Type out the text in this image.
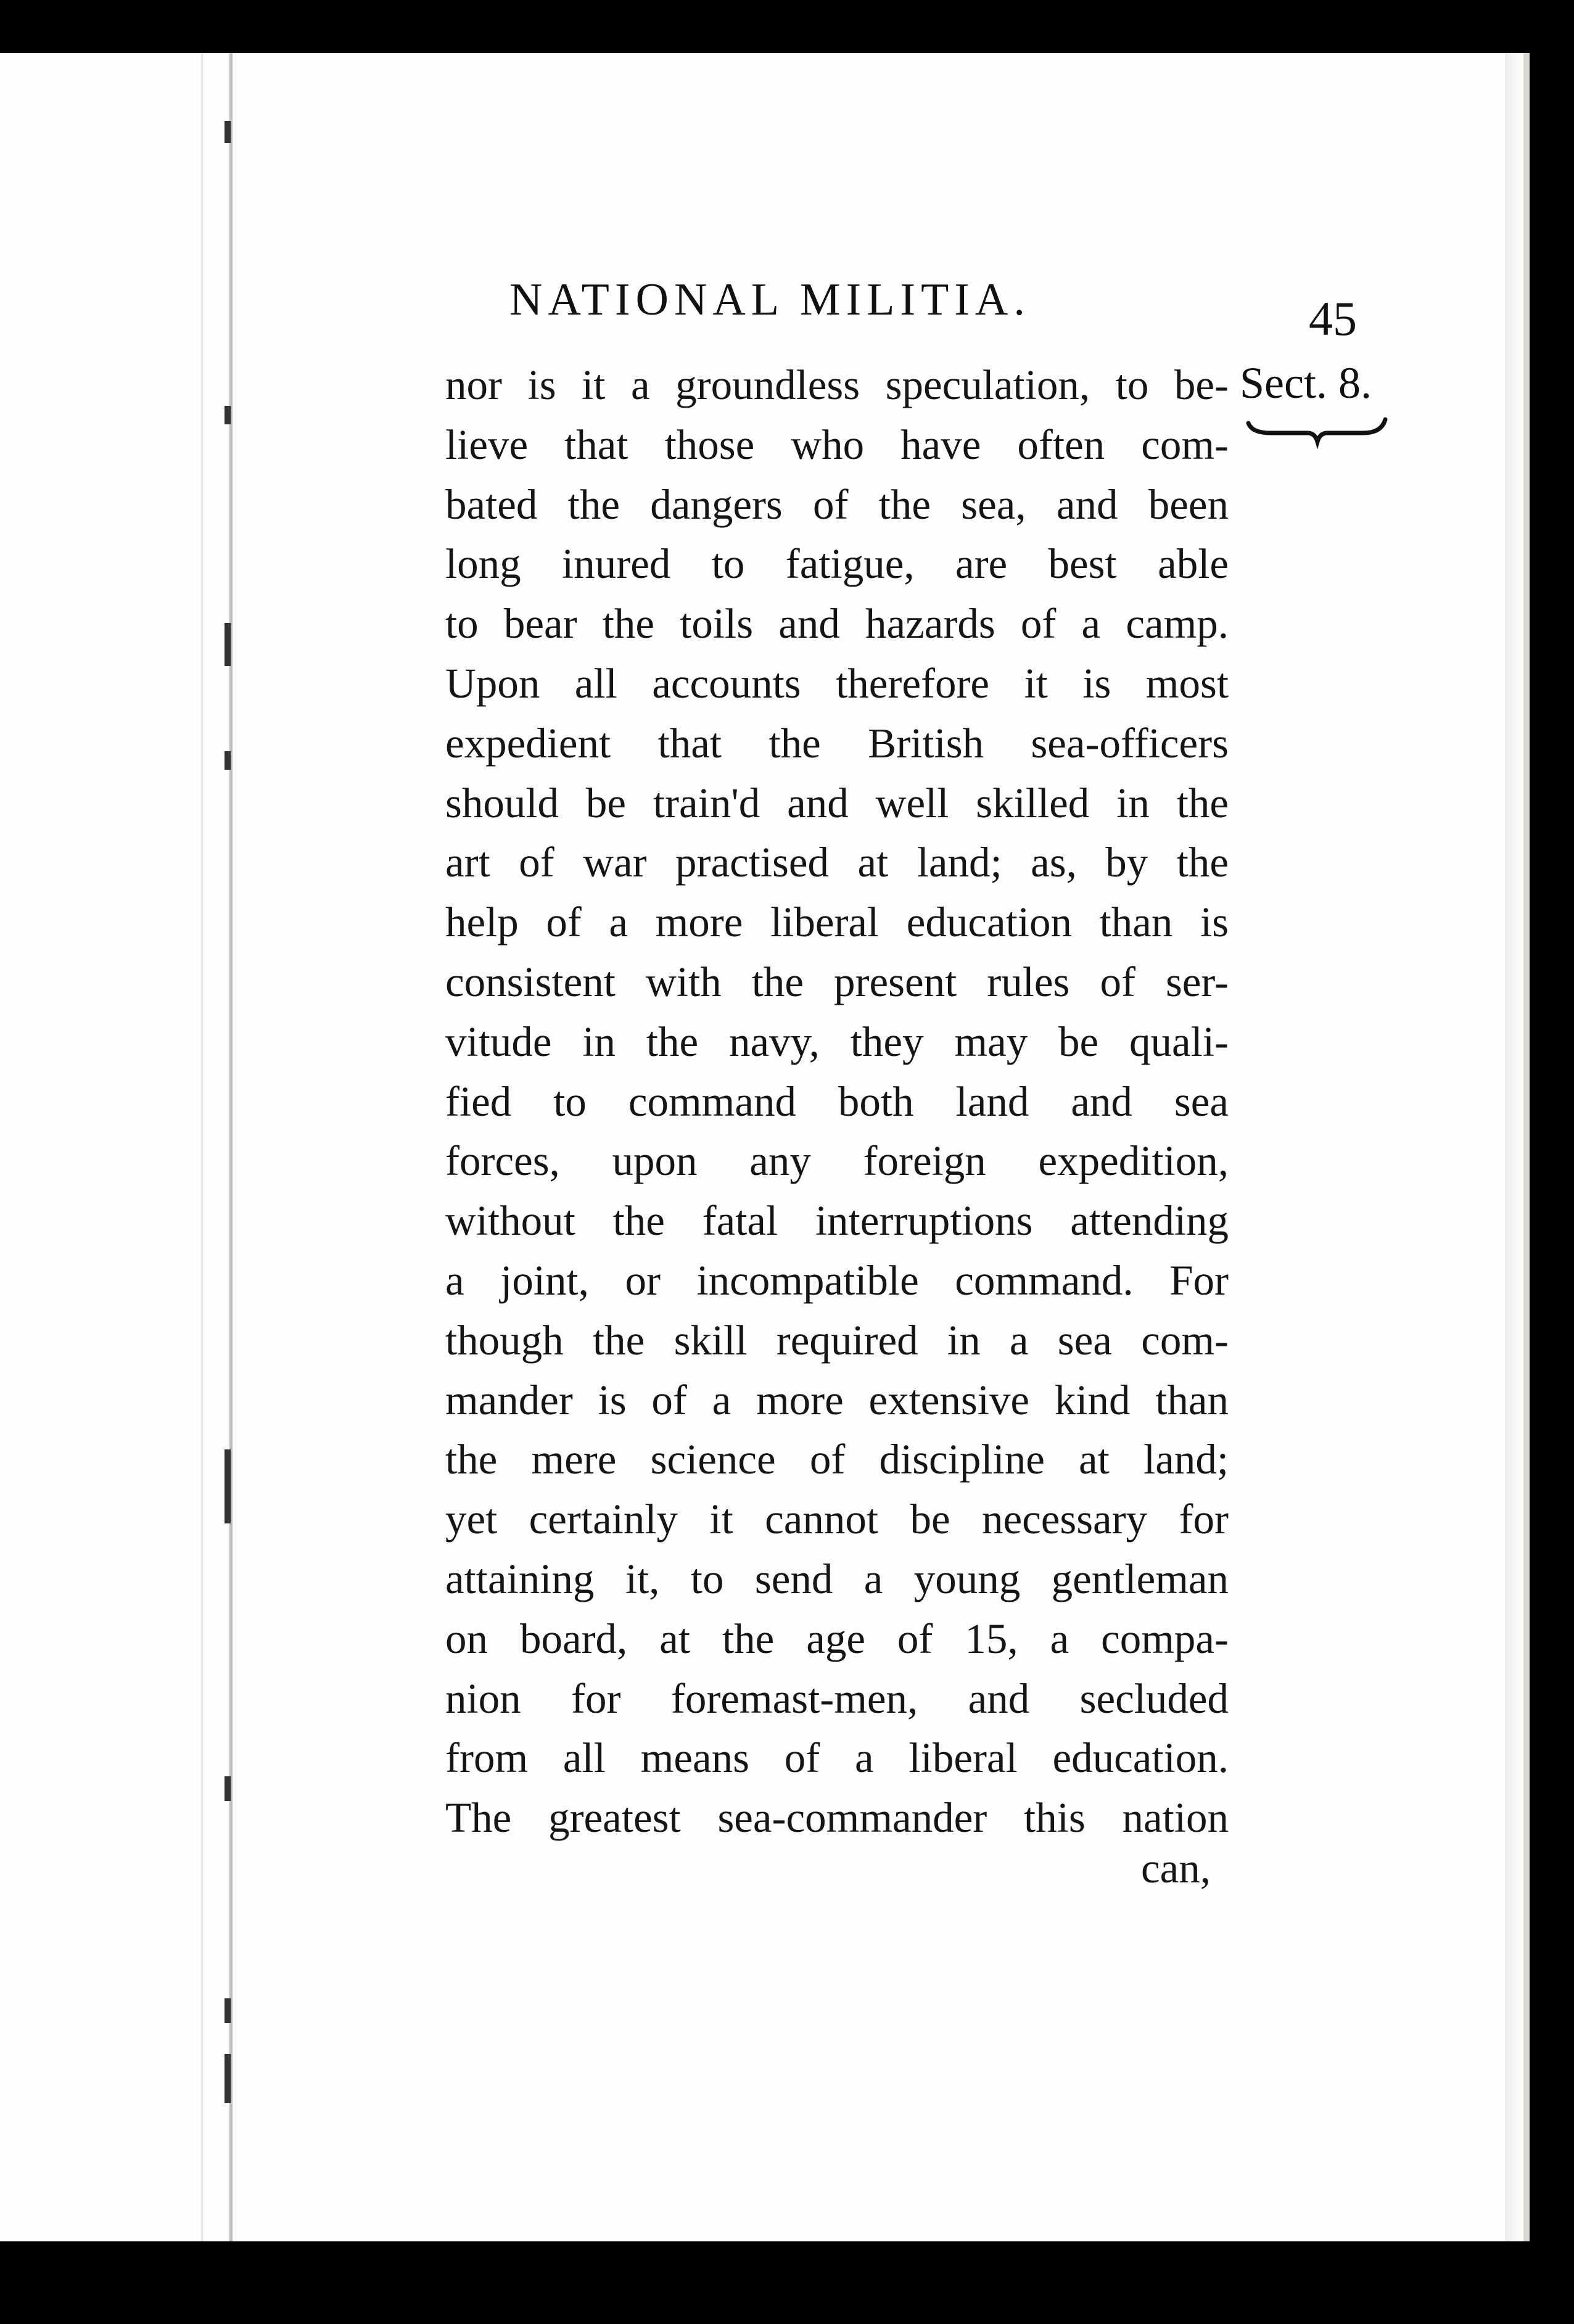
NATIONAL MILITIA.	45
Sect. 8.
nor is it a groundless speculation, to be-
lieve that those who have often com-
bated the dangers of the sea, and been
long inured to fatigue, are best able
to bear the toils and hazards of a camp.
Upon all accounts therefore it is most
expedient that the British sea-officers
should be train'd and well skilled in the
art of war practised at land; as, by the
help of a more liberal education than is
consistent with the present rules of ser-
vitude in the navy, they may be quali-
fied to command both land and sea
forces, upon any foreign expedition,
without the fatal interruptions attending
a joint, or incompatible command. For
though the skill required in a sea com-
mander is of a more extensive kind than
the mere science of discipline at land;
yet certainly it cannot be necessary for
attaining it, to send a young gentleman
on board, at the age of 15, a compa-
nion for foremast-men, and secluded
from all means of a liberal education.
The greatest sea-commander this nation
can,
